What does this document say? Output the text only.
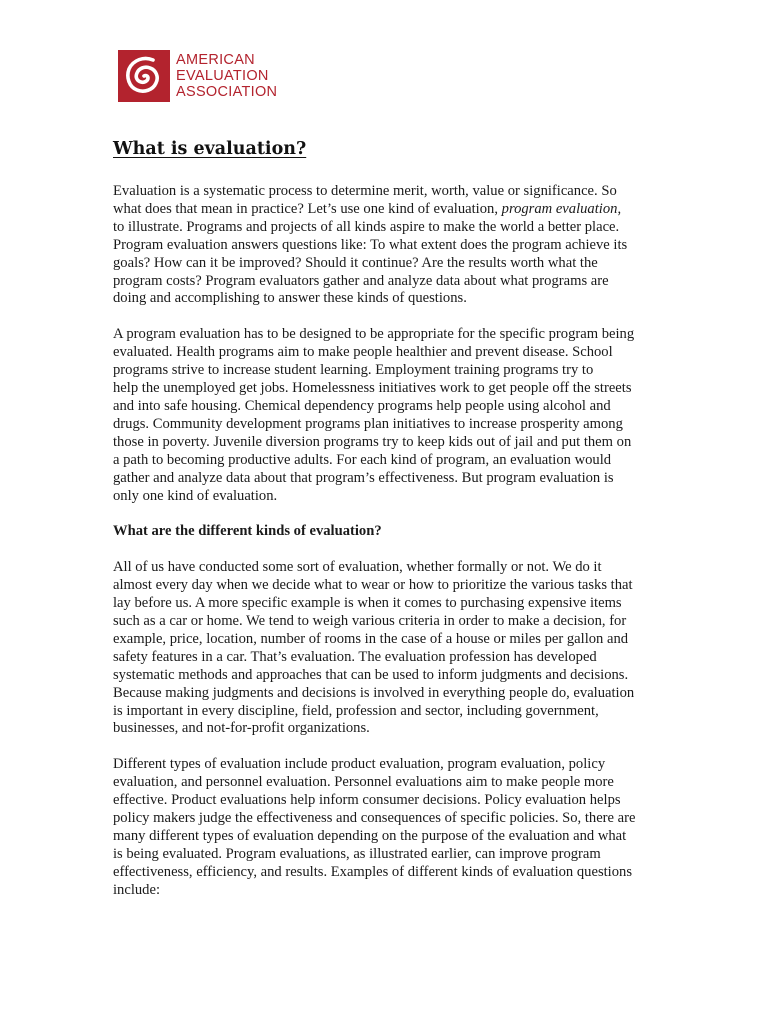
AMERICAN
EVALUATION
ASSOCIATION
What is evaluation?

Evaluation is a systematic process to determine merit, worth, value or significance. So
what does that mean in practice? Let’s use one kind of evaluation, program evaluation,
to illustrate. Programs and projects of all kinds aspire to make the world a better place.
Program evaluation answers questions like: To what extent does the program achieve its
goals? How can it be improved? Should it continue? Are the results worth what the
program costs? Program evaluators gather and analyze data about what programs are
doing and accomplishing to answer these kinds of questions.

A program evaluation has to be designed to be appropriate for the specific program being
evaluated. Health programs aim to make people healthier and prevent disease. School
programs strive to increase student learning. Employment training programs try to
help the unemployed get jobs. Homelessness initiatives work to get people off the streets
and into safe housing. Chemical dependency programs help people using alcohol and
drugs. Community development programs plan initiatives to increase prosperity among
those in poverty. Juvenile diversion programs try to keep kids out of jail and put them on
a path to becoming productive adults. For each kind of program, an evaluation would
gather and analyze data about that program’s effectiveness. But program evaluation is
only one kind of evaluation.

What are the different kinds of evaluation?

All of us have conducted some sort of evaluation, whether formally or not. We do it
almost every day when we decide what to wear or how to prioritize the various tasks that
lay before us. A more specific example is when it comes to purchasing expensive items
such as a car or home. We tend to weigh various criteria in order to make a decision, for
example, price, location, number of rooms in the case of a house or miles per gallon and
safety features in a car. That’s evaluation. The evaluation profession has developed
systematic methods and approaches that can be used to inform judgments and decisions.
Because making judgments and decisions is involved in everything people do, evaluation
is important in every discipline, field, profession and sector, including government,
businesses, and not-for-profit organizations.

Different types of evaluation include product evaluation, program evaluation, policy
evaluation, and personnel evaluation. Personnel evaluations aim to make people more
effective. Product evaluations help inform consumer decisions. Policy evaluation helps
policy makers judge the effectiveness and consequences of specific policies. So, there are
many different types of evaluation depending on the purpose of the evaluation and what
is being evaluated. Program evaluations, as illustrated earlier, can improve program
effectiveness, efficiency, and results. Examples of different kinds of evaluation questions
include:
